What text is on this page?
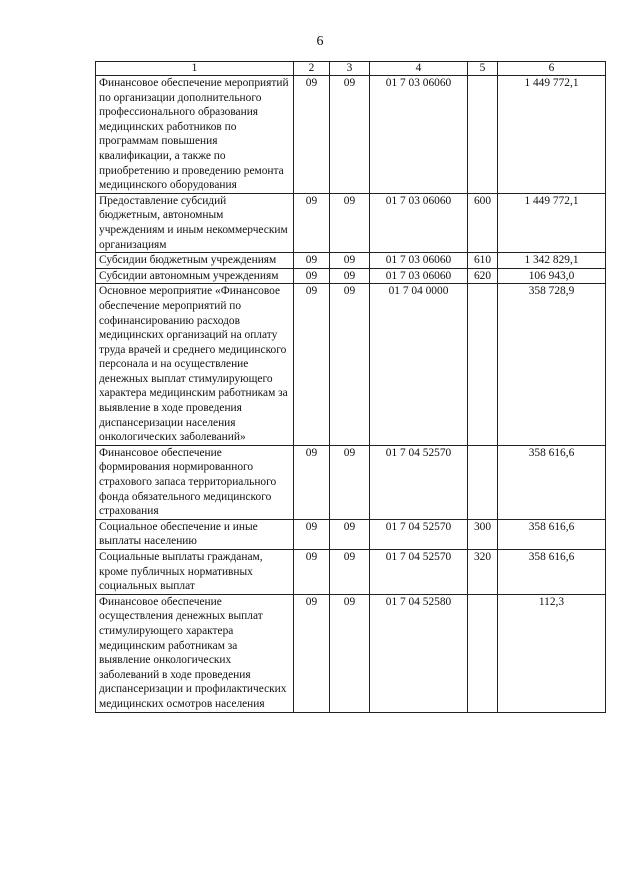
6
1	2	3	4	5	6
Финансовое обеспечение мероприятий по организации дополнительного профессионального образования медицинских работников по программам повышения квалификации, а также по приобретению и проведению ремонта медицинского оборудования	09	09	01 7 03 06060		1 449 772,1
Предоставление субсидий бюджетным, автономным учреждениям и иным некоммерческим организациям	09	09	01 7 03 06060	600	1 449 772,1
Субсидии бюджетным учреждениям	09	09	01 7 03 06060	610	1 342 829,1
Субсидии автономным учреждениям	09	09	01 7 03 06060	620	106 943,0
Основное мероприятие «Финансовое обеспечение мероприятий по софинансированию расходов медицинских организаций на оплату труда врачей и среднего медицинского персонала и на осуществление денежных выплат стимулирующего характера медицинским работникам за выявление в ходе проведения диспансеризации населения онкологических заболеваний»	09	09	01 7 04 0000		358 728,9
Финансовое обеспечение формирования нормированного страхового запаса территориального фонда обязательного медицинского страхования	09	09	01 7 04 52570		358 616,6
Социальное обеспечение и иные выплаты населению	09	09	01 7 04 52570	300	358 616,6
Социальные выплаты гражданам, кроме публичных нормативных социальных выплат	09	09	01 7 04 52570	320	358 616,6
Финансовое обеспечение осуществления денежных выплат стимулирующего характера медицинским работникам за выявление онкологических заболеваний в ходе проведения диспансеризации и профилактических медицинских осмотров населения	09	09	01 7 04 52580		112,3
